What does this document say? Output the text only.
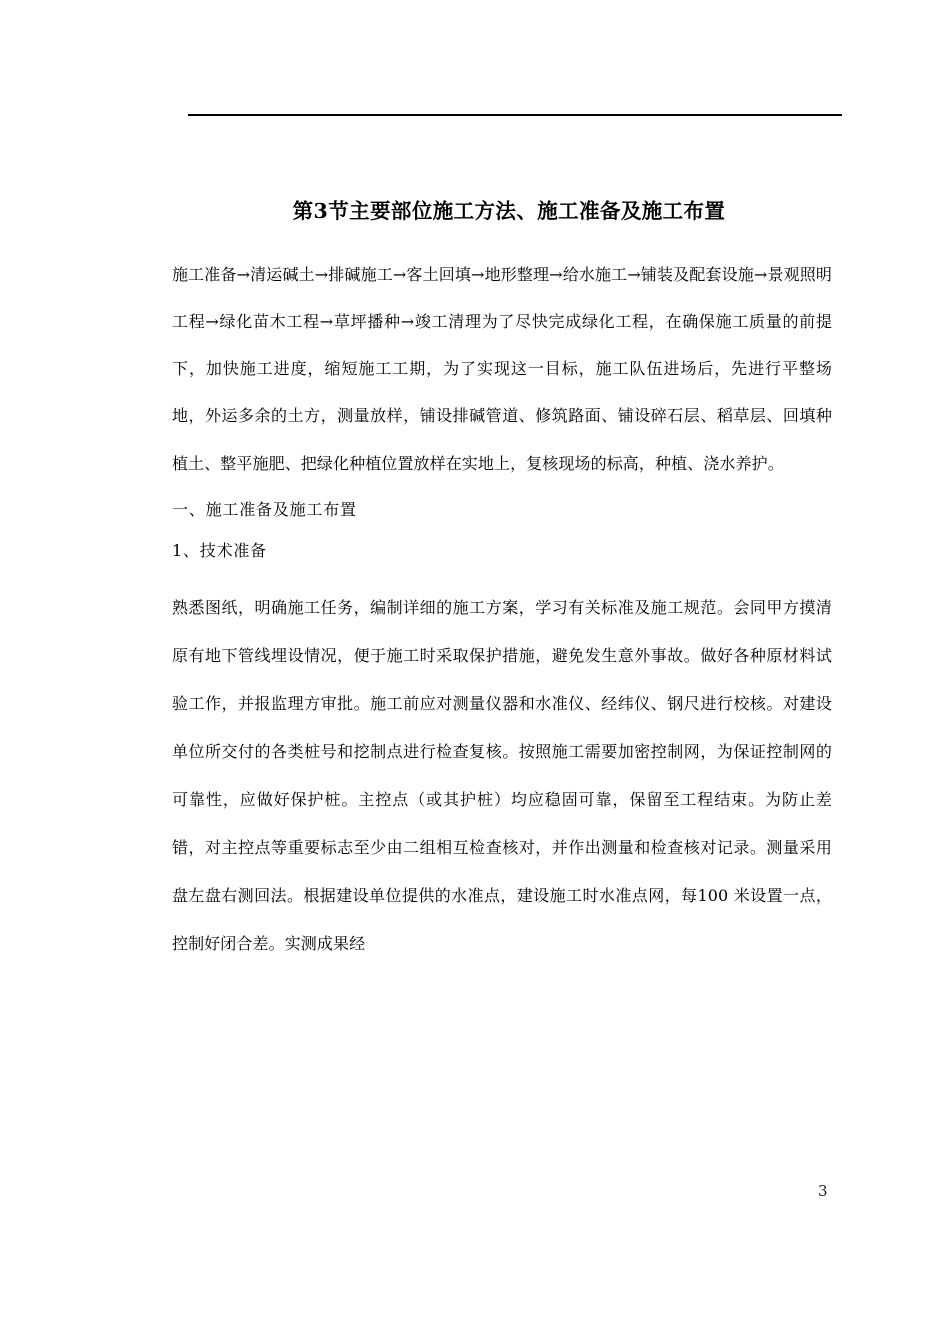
第3节主要部位施工方法、施工准备及施工布置

施工准备→清运碱土→排碱施工→客土回填→地形整理→给水施工→铺装及配套设施→景观照明工程→绿化苗木工程→草坪播种→竣工清理为了尽快完成绿化工程，在确保施工质量的前提下，加快施工进度，缩短施工工期，为了实现这一目标，施工队伍进场后，先进行平整场地，外运多余的土方，测量放样，铺设排碱管道、修筑路面、铺设碎石层、稻草层、回填种植土、整平施肥、把绿化种植位置放样在实地上，复核现场的标高，种植、浇水养护。

一、施工准备及施工布置

1、技术准备

熟悉图纸，明确施工任务，编制详细的施工方案，学习有关标准及施工规范。会同甲方摸清原有地下管线埋设情况，便于施工时采取保护措施，避免发生意外事故。做好各种原材料试验工作，并报监理方审批。施工前应对测量仪器和水准仪、经纬仪、钢尺进行校核。对建设单位所交付的各类桩号和挖制点进行检查复核。按照施工需要加密控制网，为保证控制网的可靠性，应做好保护桩。主控点（或其护桩）均应稳固可靠，保留至工程结束。为防止差错，对主控点等重要标志至少由二组相互检查核对，并作出测量和检查核对记录。测量采用盘左盘右测回法。根据建设单位提供的水准点，建设施工时水准点网，每100 米设置一点，控制好闭合差。实测成果经

3
